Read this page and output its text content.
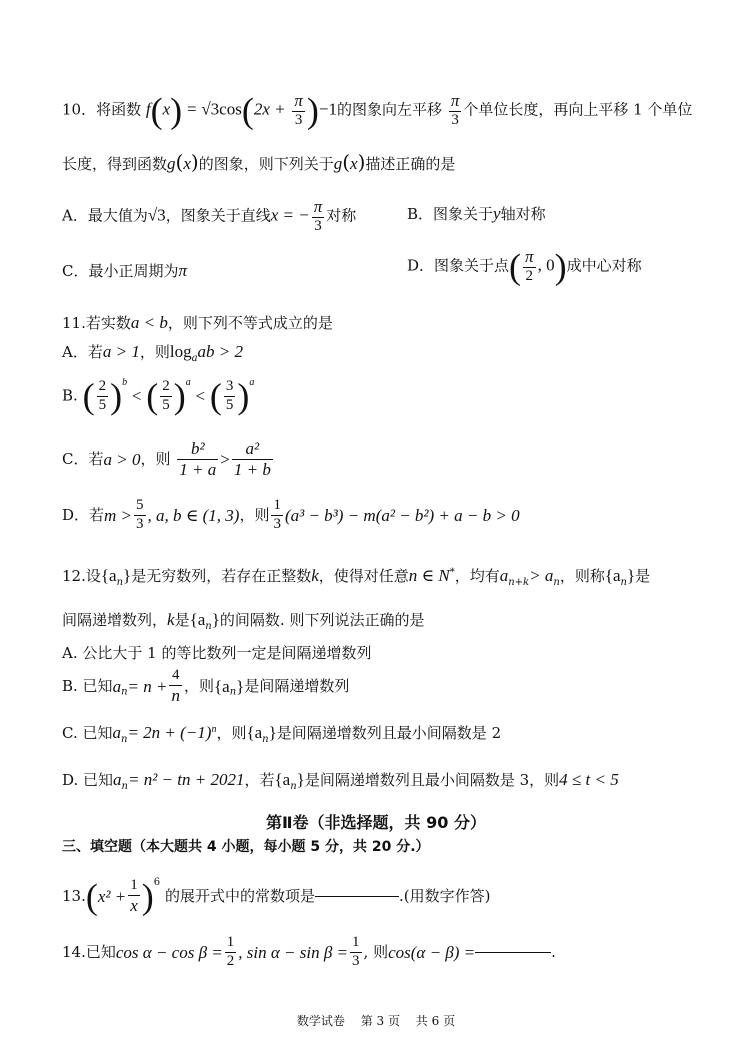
10．将函数 $f(x) = √3\cos(2x + \frac{\pi}{3} )-1$的图象向左平移 $\frac{\pi}{3}$ 个单位长度，再向上平移 1 个单位
长度，得到函数g(x)的图象，则下列关于g(x)描述正确的是
A．最大值为√3，图象关于直线x = − $\frac{\pi}{3}$ 对称	B．图象关于y轴对称
C．最小正周期为π	D．图象关于点( $\frac{\pi}{2}$ , 0)成中心对称
11.若实数a < b，则下列不等式成立的是
A．若a > 1，则$\log_aab > 2$
B. ( $\frac{2}{5} )^b$ < ( $\frac{2}{5} )^a$ < ( $\frac{3}{5} )^a$
C．若a > 0，则 $\frac{\text{b²}}{1 + a} > \frac{\text{a²}}{1 + b}$
D．若$m > \frac{5}{3}$ , a, b ∈ (1, 3)，则 $\frac{1}{3} (a^3 - b^3) - m(a^2 - b^2) + a - b > 0$
12.设$\{a_n\}$是无穷数列，若存在正整数k，使得对任意n ∈ N*，均有$a_{n+k}> a_n$，则称$\{a_n\}$是
间隔递增数列，k是$\{a_n\}$的间隔数. 则下列说法正确的是
A. 公比大于 1 的等比数列一定是间隔递增数列
B. 已知$a_n= n + \frac{4}{n}$ ，则$\{a_n\}$是间隔递增数列
C. 已知$a_n= 2n + (-1)^n$，则$\{a_n\}$是间隔递增数列且最小间隔数是 2
D. 已知$a_n= n^2$ − tn + 2021，若$\{a_n\}$是间隔递增数列且最小间隔数是 3，则4 ≤ t < 5
第Ⅱ卷（非选择题，共 90 分）
三、填空题（本大题共 4 小题，每小题 5 分，共 20 分.）
$13.(x^2 + \frac{1}{x} )^6$ 的展开式中的常数项是	.(用数字作答)
14.已知$\cos \alpha - \cos \beta = \frac{1}{2}$ , $\sin \alpha - \sin \beta = \frac{1}{3}$ , 则cos(α − β) =	.
数学试卷　 第 3 页　 共 6 页
